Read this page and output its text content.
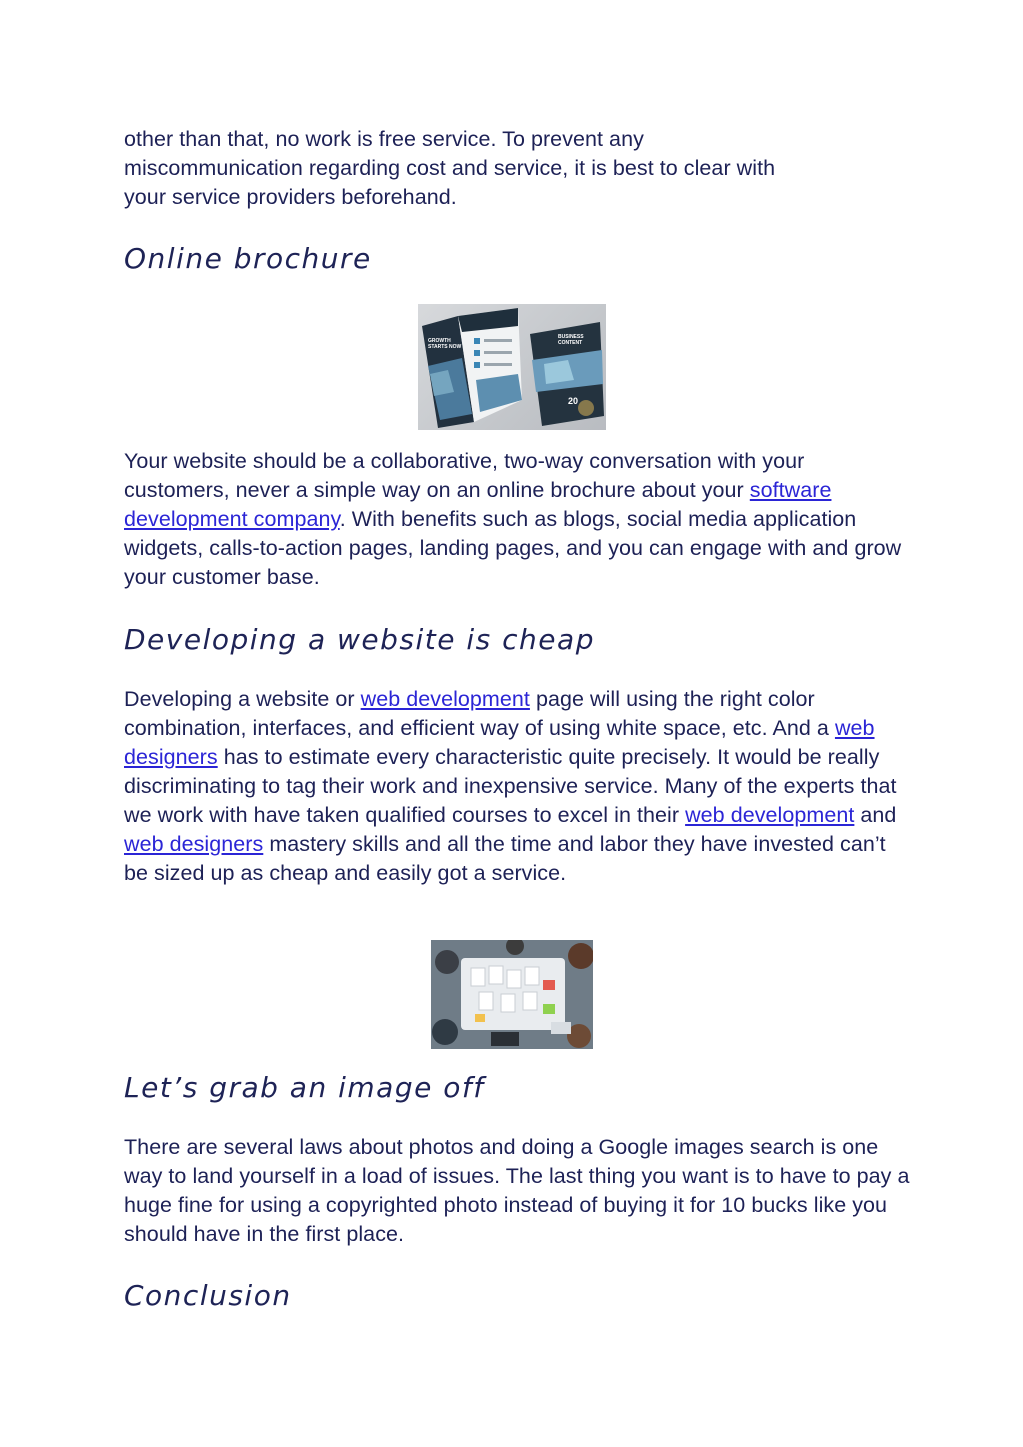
other than that, no work is free service. To prevent any

miscommunication regarding cost and service, it is best to clear with

your service providers beforehand.

Online brochure
GROWTH STARTS NOW
BUSINESS CONTENT
20

Your website should be a collaborative, two-way conversation with your customers, never a simple way on an online brochure about your software development company. With benefits such as blogs, social media application widgets, calls-to-action pages, landing pages, and you can engage with and grow your customer base.

Developing a website is cheap

Developing a website or web development page will using the right color combination, interfaces, and efficient way of using white space, etc. And a web designers has to estimate every characteristic quite precisely. It would be really discriminating to tag their work and inexpensive service. Many of the experts that we work with have taken qualified courses to excel in their web development and web designers mastery skills and all the time and labor they have invested can’t be sized up as cheap and easily got a service.

Let’s grab an image off

There are several laws about photos and doing a Google images search is one way to land yourself in a load of issues. The last thing you want is to have to pay a huge fine for using a copyrighted photo instead of buying it for 10 bucks like you should have in the first place.

Conclusion
